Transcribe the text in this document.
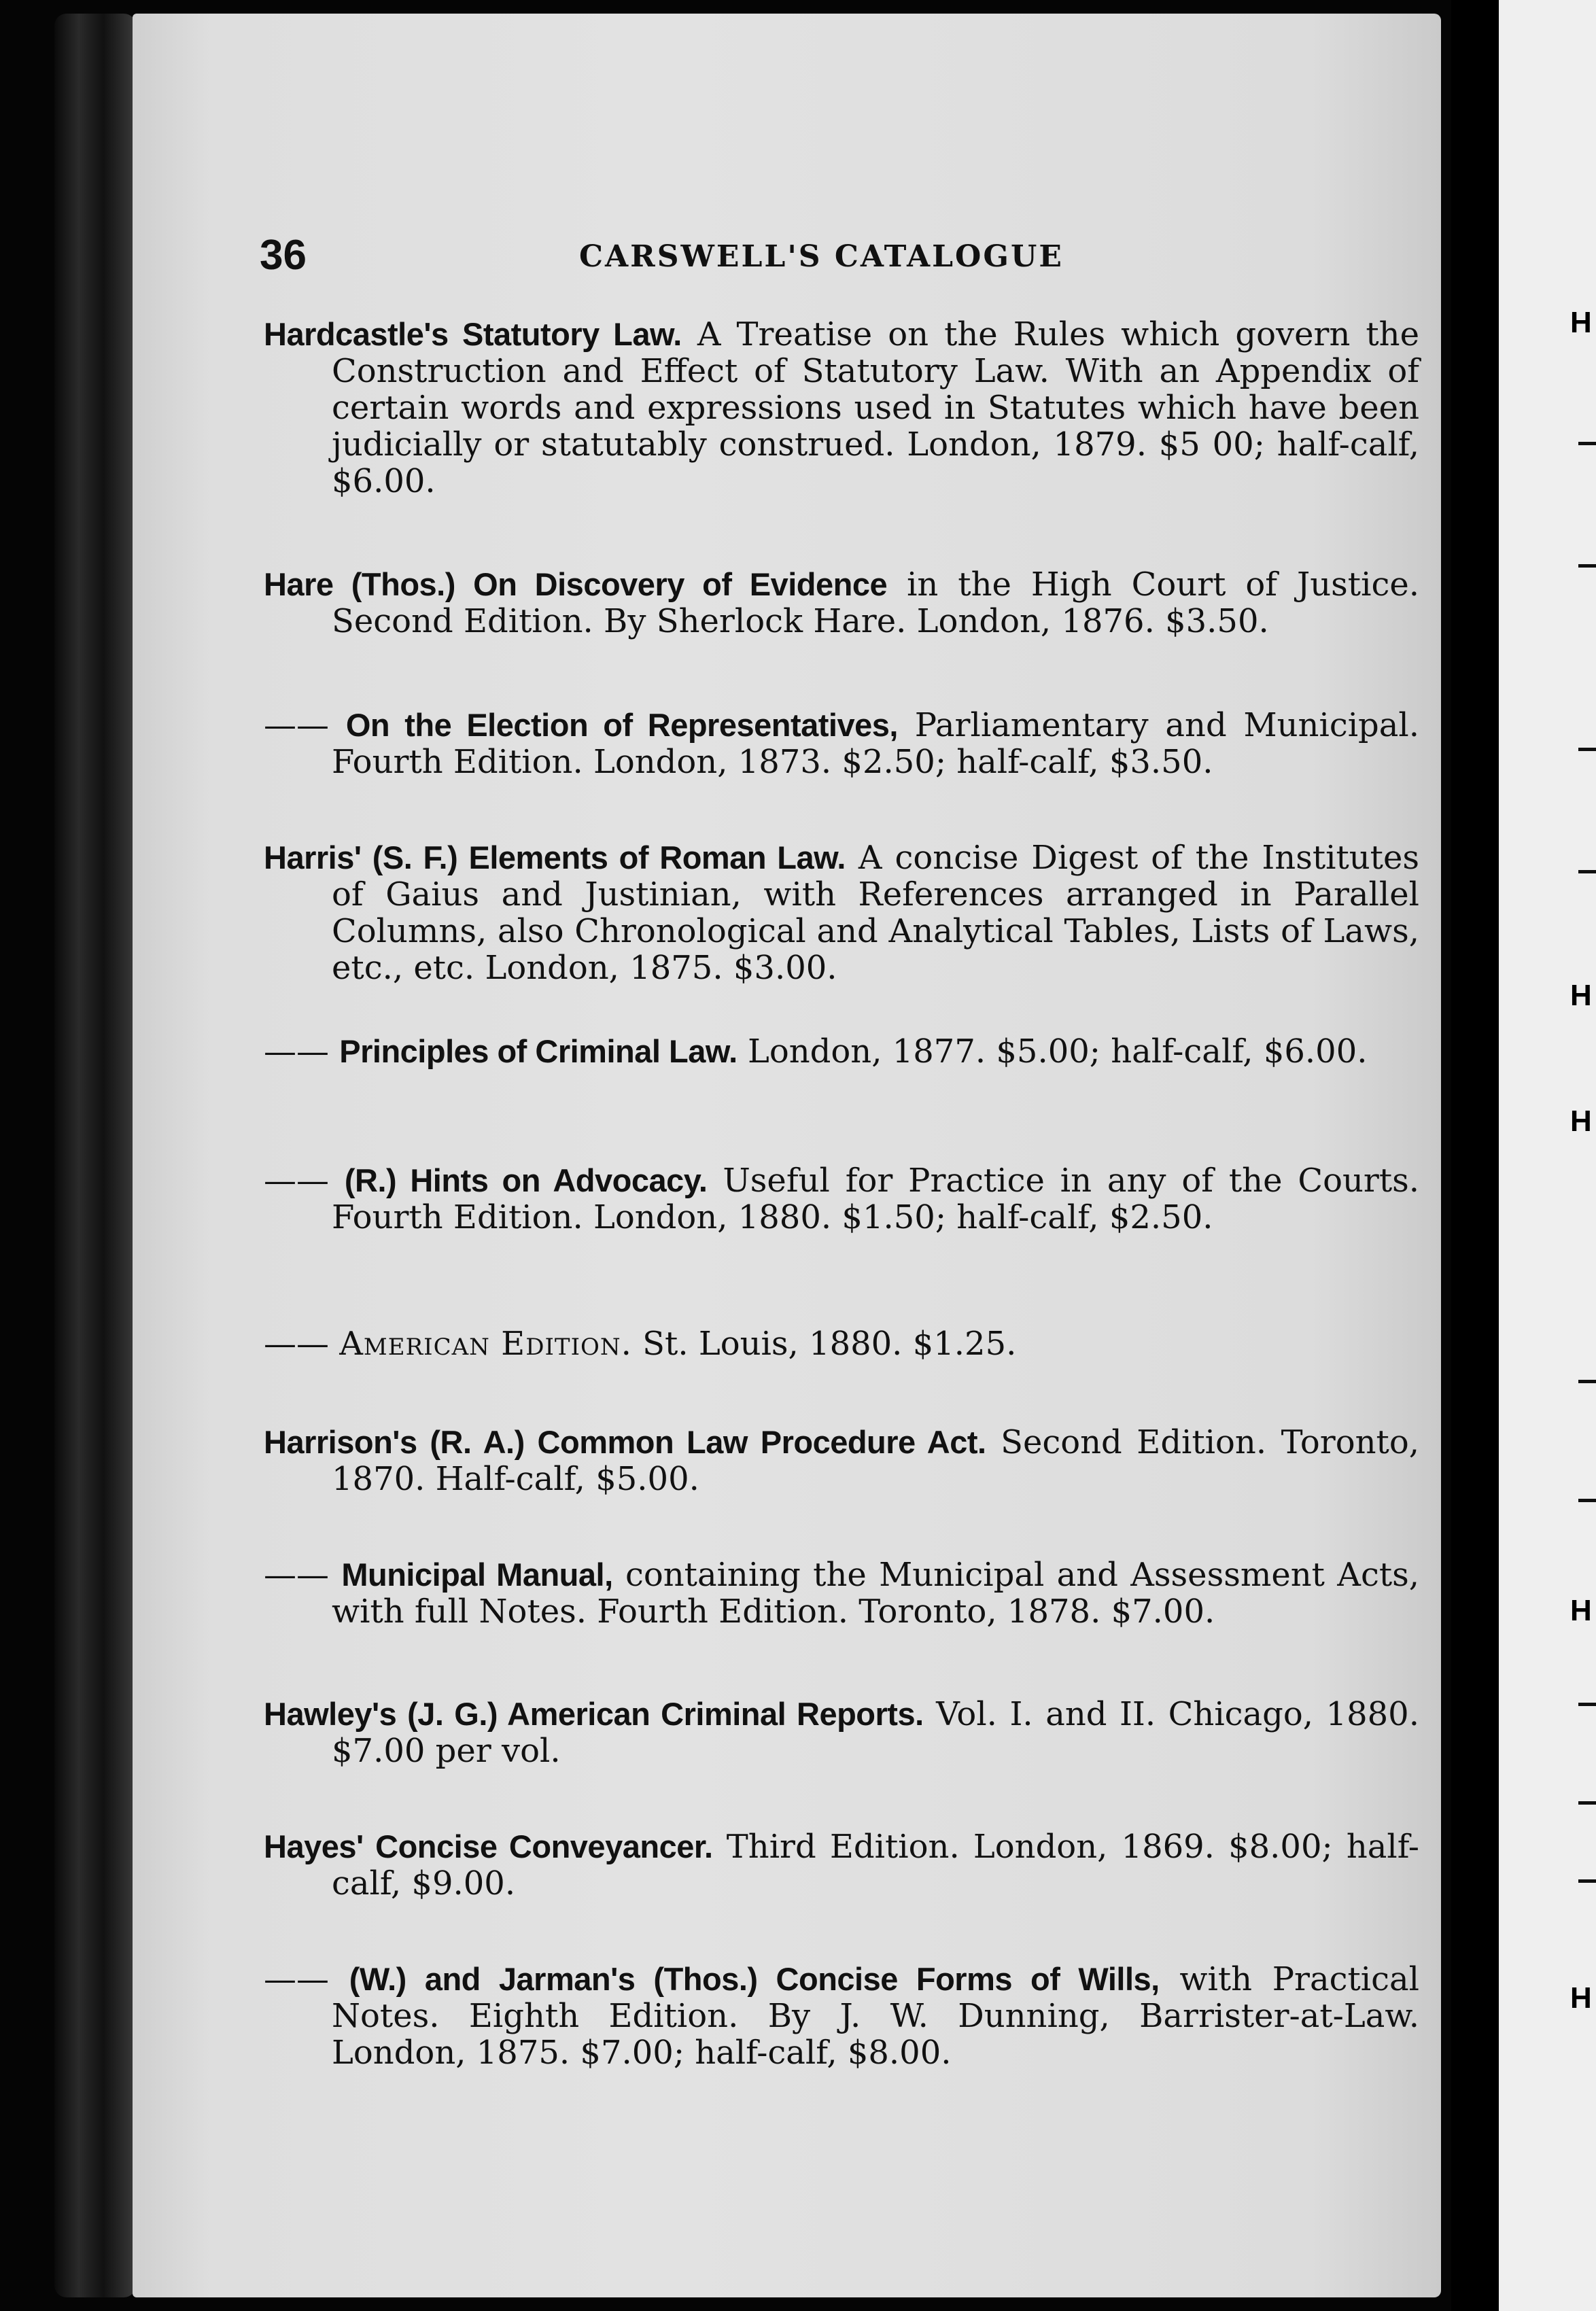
H
H
H
H
H
36	CARSWELL'S CATALOGUE
Hardcastle's Statutory Law. A Treatise on the Rules which govern the Construction and Effect of Statutory Law. With an Appendix of certain words and expressions used in Statutes which have been judicially or statutably construed. London, 1879. $5 00; half-calf, $6.00.
Hare (Thos.) On Discovery of Evidence in the High Court of Justice. Second Edition. By Sherlock Hare. London, 1876. $3.50.
—— On the Election of Representatives, Parliamentary and Municipal. Fourth Edition. London, 1873. $2.50; half-calf, $3.50.
Harris' (S. F.) Elements of Roman Law. A concise Digest of the Institutes of Gaius and Justinian, with References arranged in Parallel Columns, also Chronological and Analytical Tables, Lists of Laws, etc., etc. London, 1875. $3.00.
—— Principles of Criminal Law. London, 1877. $5.00; half-calf, $6.00.
—— (R.) Hints on Advocacy. Useful for Practice in any of the Courts. Fourth Edition. London, 1880. $1.50; half-calf, $2.50.
—— American Edition. St. Louis, 1880. $1.25.
Harrison's (R. A.) Common Law Procedure Act. Second Edition. Toronto, 1870. Half-calf, $5.00.
—— Municipal Manual, containing the Municipal and Assessment Acts, with full Notes. Fourth Edition. Toronto, 1878. $7.00.
Hawley's (J. G.) American Criminal Reports. Vol. I. and II. Chicago, 1880. $7.00 per vol.
Hayes' Concise Conveyancer. Third Edition. London, 1869. $8.00; half-calf, $9.00.
—— (W.) and Jarman's (Thos.) Concise Forms of Wills, with Practical Notes. Eighth Edition. By J. W. Dunning, Barrister-at-Law. London, 1875. $7.00; half-calf, $8.00.
